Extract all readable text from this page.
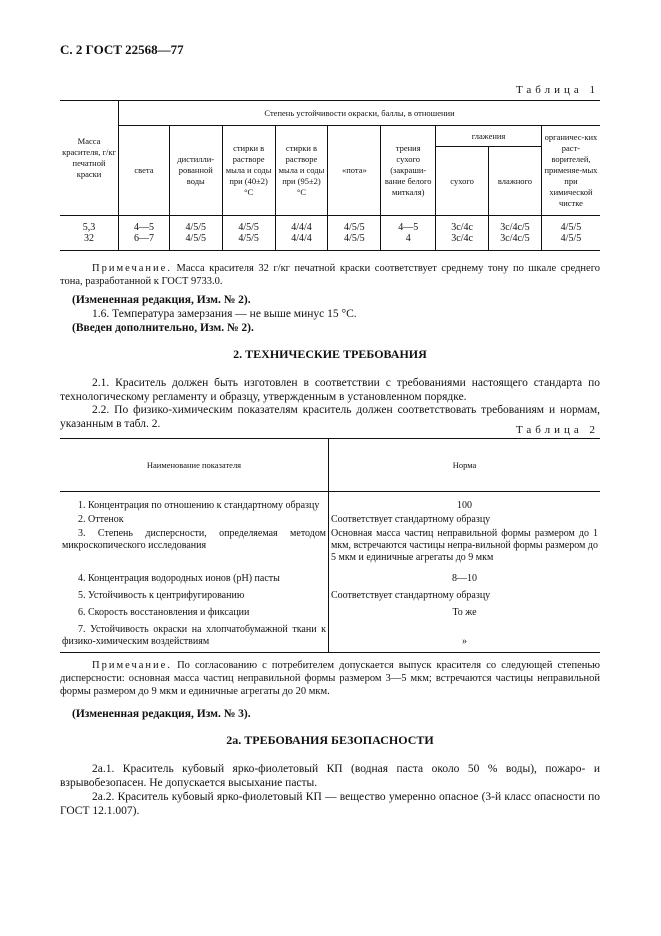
С. 2 ГОСТ 22568—77
Таблица 1
Масса красителя, г/кг печатной краски	Степень устойчивости окраски, баллы, в отношении								
	света	дистилли-рованной воды	стирки в растворе мыла и соды при (40±2) °C	стирки в растворе мыла и соды при (95±2) °C	«пота»	трения сухого (закраши-вание белого миткаля)	глажения		органичес-ких раст-ворителей, применяе-мых при химической чистке
							сухого	влажного	
5,3	4—5	4/5/5	4/5/5	4/4/4	4/5/5	4—5	3с/4с	3с/4с/5	4/5/5
32	6—7	4/5/5	4/5/5	4/4/4	4/5/5	4	3с/4с	3с/4с/5	4/5/5
Примечание. Масса красителя 32 г/кг печатной краски соответствует среднему тону по шкале среднего тона, разработанной к ГОСТ 9733.0.
(Измененная редакция, Изм. № 2).
1.6. Температура замерзания — не выше минус 15 °С.
(Введен дополнительно, Изм. № 2).
2. ТЕХНИЧЕСКИЕ ТРЕБОВАНИЯ
2.1. Краситель должен быть изготовлен в соответствии с требованиями настоящего стандарта по технологическому регламенту и образцу, утвержденным в установленном порядке.
2.2. По физико-химическим показателям краситель должен соответствовать требованиям и нормам, указанным в табл. 2.	Таблица 2
Наименование показателя	Норма
1. Концентрация по отношению к стандартному образцу	100
2. Оттенок	Соответствует стандартному образцу
3. Степень дисперсности, определяемая методом микроскопического исследования	Основная масса частиц неправильной формы размером до 1 мкм, встречаются частицы непра-вильной формы размером до 5 мкм и единичные агрегаты до 9 мкм
4. Концентрация водородных ионов (рН) пасты	8—10
5. Устойчивость к центрифугированию	Соответствует стандартному образцу
6. Скорость восстановления и фиксации	То же
7. Устойчивость окраски на хлопчатобумажной ткани к физико-химическим воздействиям	»
Примечание. По согласованию с потребителем допускается выпуск красителя со следующей степенью дисперсности: основная масса частиц неправильной формы размером 3—5 мкм; встречаются частицы неправильной формы размером до 9 мкм и единичные агрегаты до 20 мкм.
(Измененная редакция, Изм. № 3).
2а. ТРЕБОВАНИЯ БЕЗОПАСНОСТИ
2а.1. Краситель кубовый ярко-фиолетовый КП (водная паста около 50 % воды), пожаро- и взрывобезопасен. Не допускается высыхание пасты.
2а.2. Краситель кубовый ярко-фиолетовый КП — вещество умеренно опасное (3-й класс опасности по ГОСТ 12.1.007).
